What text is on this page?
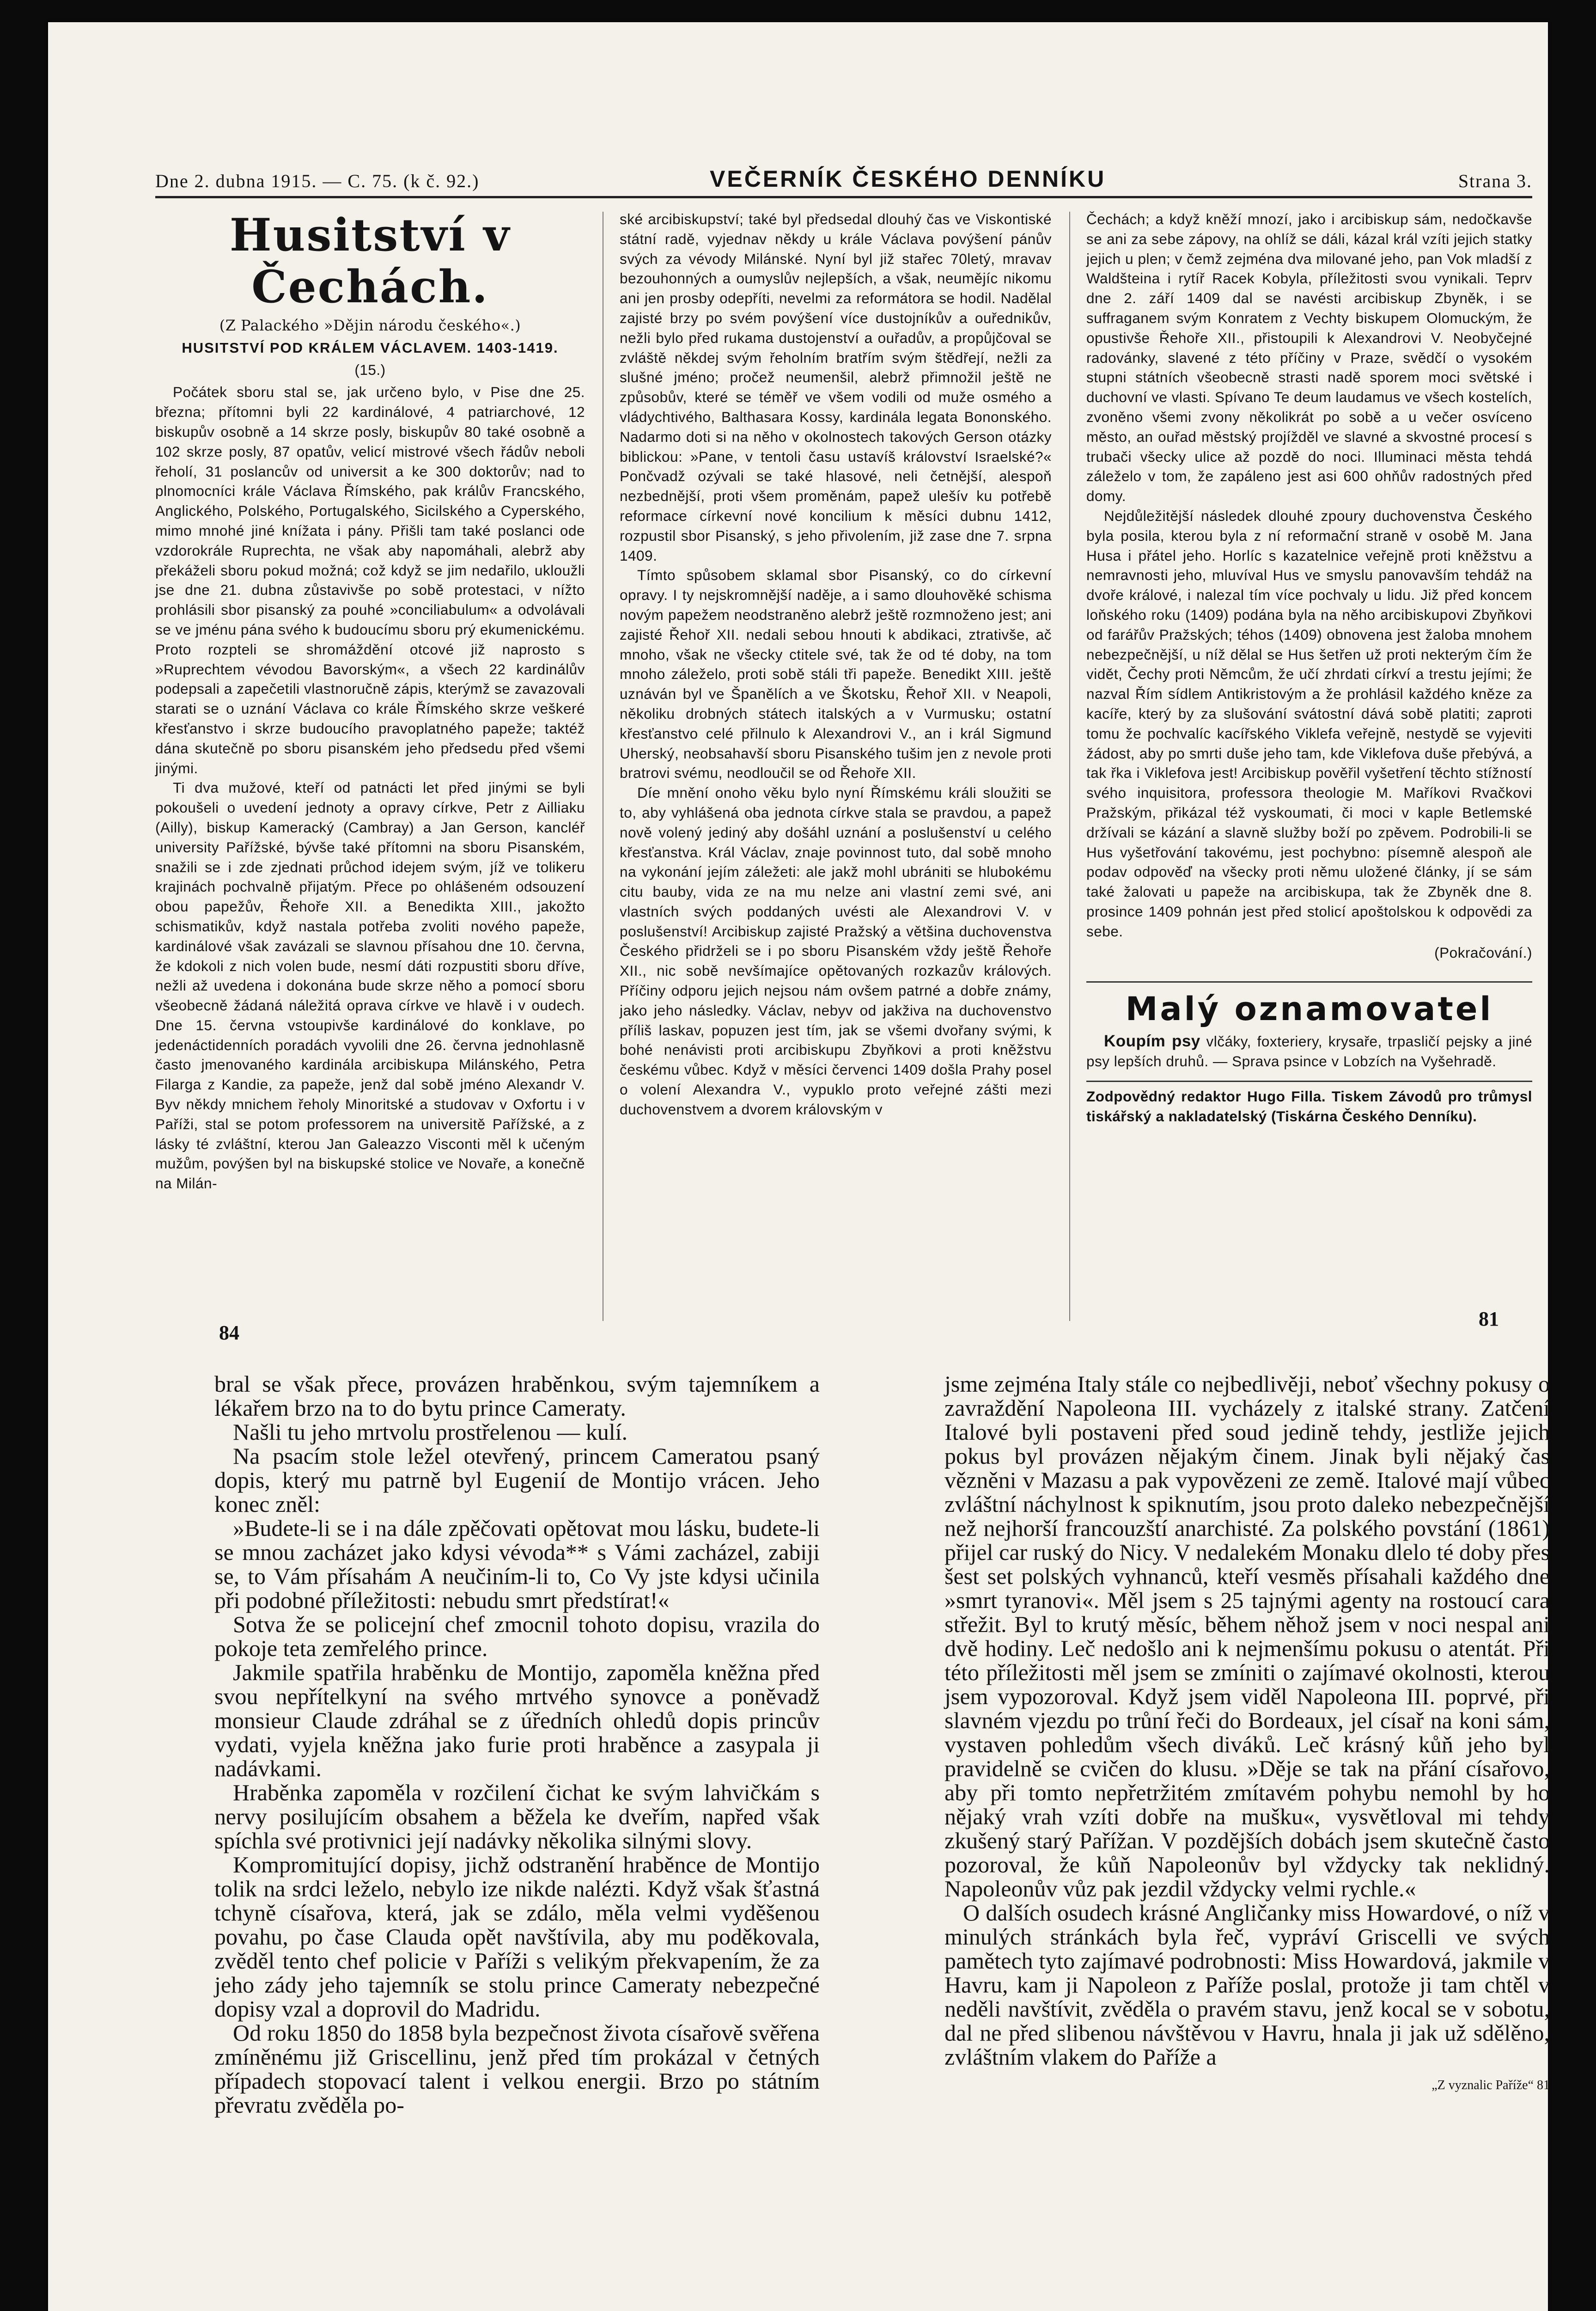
Dne 2. dubna 1915. — C. 75. (k č. 92.)	VEČERNÍK ČESKÉHO DENNÍKU	Strana 3.
Husitství v Čechách.
(Z Palackého »Dějin národu českého«.)
HUSITSTVÍ POD KRÁLEM VÁCLAVEM. 1403-1419.
(15.)

Počátek sboru stal se, jak určeno bylo, v Pise dne 25. března; přítomni byli 22 kardinálové, 4 patriarchové, 12 biskupův osobně a 14 skrze posly, biskupův 80 také osobně a 102 skrze posly, 87 opatův, velicí mistrové všech řádův neboli řeholí, 31 poslancův od universit a ke 300 doktorův; nad to plnomocníci krále Václava Římského, pak králův Francského, Anglického, Polského, Portugalského, Sicilského a Cyperského, mimo mnohé jiné knížata i pány. Přišli tam také poslanci ode vzdorokrále Ruprechta, ne však aby napomáhali, alebrž aby překáželi sboru pokud možná; což když se jim nedařilo, ukloužli jse dne 21. dubna zůstavivše po sobě protestaci, v nížto prohlásili sbor pisanský za pouhé »conciliabulum« a odvolávali se ve jménu pána svého k budoucímu sboru prý ekumenickému. Proto rozpteli se shromáždění otcové již naprosto s »Ruprechtem vévodou Bavorským«, a všech 22 kardinálův podepsali a zapečetili vlastnoručně zápis, kterýmž se zavazovali starati se o uznání Václava co krále Římského skrze veškeré křesťanstvo i skrze budoucího pravoplatného papeže; taktéž dána skutečně po sboru pisanském jeho předsedu před všemi jinými.

Ti dva mužové, kteří od patnácti let před jinými se byli pokoušeli o uvedení jednoty a opravy církve, Petr z Ailliaku (Ailly), biskup Kameracký (Cambray) a Jan Gerson, kancléř university Pařížské, bývše také přítomni na sboru Pisanském, snažili se i zde zjednati průchod idejem svým, jíž ve tolikeru krajinách pochvalně přijatým. Přece po ohlášeném odsouzení obou papežův, Řehoře XII. a Benedikta XIII., jakožto schismatikův, když nastala potřeba zvoliti nového papeže, kardinálové však zavázali se slavnou přísahou dne 10. června, že kdokoli z nich volen bude, nesmí dáti rozpustiti sboru dříve, nežli až uvedena i dokonána bude skrze něho a pomocí sboru všeobecně žádaná náležitá oprava církve ve hlavě i v oudech. Dne 15. června vstoupivše kardinálové do konklave, po jedenáctidenních poradách vyvolili dne 26. června jednohlasně často jmenovaného kardinála arcibiskupa Milánského, Petra Filarga z Kandie, za papeže, jenž dal sobě jméno Alexandr V. Byv někdy mnichem řeholy Minoritské a studovav v Oxfortu i v Paříži, stal se potom professorem na universitě Pařížské, a z lásky té zvláštní, kterou Jan Galeazzo Visconti měl k učeným mužům, povýšen byl na biskupské stolice ve Novaře, a konečně na Milán-

ské arcibiskupství; také byl předsedal dlouhý čas ve Viskontiské státní radě, vyjednav někdy u krále Václava povýšení pánův svých za vévody Milánské. Nyní byl již stařec 70letý, mravav bezouhonných a oumyslův nejlepších, a však, neumějíc nikomu ani jen prosby odepříti, nevelmi za reformátora se hodil. Nadělal zajisté brzy po svém povýšení více dustojníkův a ouřednikův, nežli bylo před rukama dustojenství a ouřadův, a propůjčoval se zvláště někdej svým řeholním bratřím svým štědřejí, nežli za slušné jméno; pročež neumenšil, alebrž přimnožil ještě ne způsobův, které se téměř ve všem vodili od muže osmého a vládychtivého, Balthasara Kossy, kardinála legata Bononského. Nadarmo doti si na něho v okolnostech takových Gerson otázky biblickou: »Pane, v tentoli času ustavíš království Israelské?« Pončvadž ozývali se také hlasové, neli četnější, alespoň nezbednější, proti všem proměnám, papež ulešív ku potřebě reformace církevní nové koncilium k měsíci dubnu 1412, rozpustil sbor Pisanský, s jeho přivolením, již zase dne 7. srpna 1409.

Tímto spůsobem sklamal sbor Pisanský, co do církevní opravy. I ty nejskromnější naděje, a i samo dlouhověké schisma novým papežem neodstraněno alebrž ještě rozmnoženo jest; ani zajisté Řehoř XII. nedali sebou hnouti k abdikaci, ztrativše, ač mnoho, však ne všecky ctitele své, tak že od té doby, na tom mnoho záleželo, proti sobě stáli tři papeže. Benedikt XIII. ještě uznáván byl ve Španělích a ve Škotsku, Řehoř XII. v Neapoli, několiku drobných státech italských a v Vurmusku; ostatní křesťanstvo celé přilnulo k Alexandrovi V., an i král Sigmund Uherský, neobsahavší sboru Pisanského tušim jen z nevole proti bratrovi svému, neodloučil se od Řehoře XII.

Díe mnění onoho věku bylo nyní Římskému králi sloužiti se to, aby vyhlášená oba jednota církve stala se pravdou, a papež nově volený jediný aby došáhl uznání a poslušenství u celého křesťanstva. Král Václav, znaje povinnost tuto, dal sobě mnoho na vykonání jejím záležeti: ale jakž mohl ubrániti se hlubokému citu bauby, vida ze na mu nelze ani vlastní zemi své, ani vlastních svých poddaných uvésti ale Alexandrovi V. v poslušenství! Arcibiskup zajisté Pražský a většina duchovenstva Českého přidrželi se i po sboru Pisanském vždy ještě Řehoře XII., nic sobě nevšímajíce opětovaných rozkazův králových. Příčiny odporu jejich nejsou nám ovšem patrné a dobře známy, jako jeho následky. Václav, nebyv od jakživa na duchovenstvo příliš laskav, popuzen jest tím, jak se všemi dvořany svými, k bohé nenávisti proti arcibiskupu Zbyňkovi a proti kněžstvu českému vůbec. Když v měsíci červenci 1409 došla Prahy posel o volení Alexandra V., vypuklo proto veřejné zášti mezi duchovenstvem a dvorem královským v

Čechách; a když kněží mnozí, jako i arcibiskup sám, nedočkavše se ani za sebe zápovy, na ohlíž se dáli, kázal král vzíti jejich statky jejich u plen; v čemž zejména dva milované jeho, pan Vok mladší z Waldšteina i rytíř Racek Kobyla, příležitosti svou vynikali. Teprv dne 2. září 1409 dal se navésti arcibiskup Zbyněk, i se suffraganem svým Konratem z Vechty biskupem Olomuckým, že opustivše Řehoře XII., přistoupili k Alexandrovi V. Neobyčejné radovánky, slavené z této příčiny v Praze, svědčí o vysokém stupni státních všeobecně strasti nadě sporem moci světské i duchovní ve vlasti. Spívano Te deum laudamus ve všech kostelích, zvoněno všemi zvony několikrát po sobě a u večer osvíceno město, an ouřad městský projížděl ve slavné a skvostné procesí s trubači všecky ulice až pozdě do noci. Illuminaci města tehdá záleželo v tom, že zapáleno jest asi 600 ohňův radostných před domy.

Nejdůležitější následek dlouhé zpoury duchovenstva Českého byla posila, kterou byla z ní reformační straně v osobě M. Jana Husa i přátel jeho. Horlíc s kazatelnice veřejně proti kněžstvu a nemravnosti jeho, mluvíval Hus ve smyslu panovavším tehdáž na dvoře králové, i nalezal tím více pochvaly u lidu. Již před koncem loňského roku (1409) podána byla na něho arcibiskupovi Zbyňkovi od farářův Pražských; téhos (1409) obnovena jest žaloba mnohem nebezpečnější, u níž dělal se Hus šetřen už proti nekterým čím že vidět, Čechy proti Němcům, že učí zhrdati církví a trestu jejími; že nazval Řím sídlem Antikristovým a že prohlásil každého kněze za kacíře, který by za slušování svátostní dává sobě platiti; zaproti tomu že pochvalíc kacířského Viklefa veřejně, nestydě se vyjeviti žádost, aby po smrti duše jeho tam, kde Viklefova duše přebývá, a tak řka i Viklefova jest! Arcibiskup pověřil vyšetření těchto stížností svého inquisitora, professora theologie M. Maříkovi Rvačkovi Pražským, přikázal též vyskoumati, či moci v kaple Betlemské držívali se kázání a slavně služby boží po zpěvem. Podrobili-li se Hus vyšetřování takovému, jest pochybno: písemně alespoň ale podav odpověď na všecky proti němu uložené články, jí se sám také žalovati u papeže na arcibiskupa, tak že Zbyněk dne 8. prosince 1409 pohnán jest před stolicí apoštolskou k odpovědi za sebe.

(Pokračování.)
Malý oznamovatel

Koupím psy vlčáky, foxteriery, krysaře, trpasličí pejsky a jiné psy lepších druhů. — Sprava psince v Lobzích na Vyšehradě.

Zodpovědný redaktor Hugo Filla. Tiskem Závodů pro trůmysl tiskářský a nakladatelský (Tiskárna Českého Denníku).
84
81

bral se však přece, provázen hraběnkou, svým tajemníkem a lékařem brzo na to do bytu prince Cameraty.

Našli tu jeho mrtvolu prostřelenou — kulí.

Na psacím stole ležel otevřený, princem Cameratou psaný dopis, který mu patrně byl Eugenií de Montijo vrácen. Jeho konec zněl:

»Budete-li se i na dále zpěčovati opětovat mou lásku, budete-li se mnou zacházet jako kdysi vévoda** s Vámi zacházel, zabiji se, to Vám přísahám A neučiním-li to, Co Vy jste kdysi učinila při podobné příležitosti: nebudu smrt předstírat!«

Sotva že se policejní chef zmocnil tohoto dopisu, vrazila do pokoje teta zemřelého prince.

Jakmile spatřila hraběnku de Montijo, zapoměla kněžna před svou nepřítelkyní na svého mrtvého synovce a poněvadž monsieur Claude zdráhal se z úředních ohledů dopis princův vydati, vyjela kněžna jako furie proti hraběnce a zasypala ji nadávkami.

Hraběnka zapoměla v rozčilení čichat ke svým lahvičkám s nervy posilujícím obsahem a běžela ke dveřím, napřed však spíchla své protivnici její nadávky několika silnými slovy.

Kompromitující dopisy, jichž odstranění hraběnce de Montijo tolik na srdci leželo, nebylo ize nikde nalézti. Když však šťastná tchyně císařova, která, jak se zdálo, měla velmi vyděšenou povahu, po čase Clauda opět navštívila, aby mu poděkovala, zvěděl tento chef policie v Paříži s velikým překvapením, že za jeho zády jeho tajemník se stolu prince Cameraty nebezpečné dopisy vzal a doprovil do Madridu.

Od roku 1850 do 1858 byla bezpečnost života císařově svěřena zmíněnému již Griscellinu, jenž před tím prokázal v četných případech stopovací talent i velkou energii. Brzo po státním převratu zvěděla po-

jsme zejména Italy stále co nejbedlivěji, neboť všechny pokusy o zavraždění Napoleona III. vycházely z italské strany. Zatčení Italové byli postaveni před soud jedině tehdy, jestliže jejich pokus byl provázen nějakým činem. Jinak byli nějaký čas vězněni v Mazasu a pak vypovězeni ze země. Italové mají vůbec zvláštní náchylnost k spiknutím, jsou proto daleko nebezpečnější než nejhorší francouzští anarchisté. Za polského povstání (1861) přijel car ruský do Nicy. V nedalekém Monaku dlelo té doby přes šest set polských vyhnanců, kteří vesměs přísahali každého dne »smrt tyranovi«. Měl jsem s 25 tajnými agenty na rostoucí cara střežit. Byl to krutý měsíc, během něhož jsem v noci nespal ani dvě hodiny. Leč nedošlo ani k nejmenšímu pokusu o atentát. Při této příležitosti měl jsem se zmíniti o zajímavé okolnosti, kterou jsem vypozoroval. Když jsem viděl Napoleona III. poprvé, při slavném vjezdu po trůní řeči do Bordeaux, jel císař na koni sám, vystaven pohledům všech diváků. Leč krásný kůň jeho byl pravidelně se cvičen do klusu. »Děje se tak na přání císařovo, aby při tomto nepřetržitém zmítavém pohybu nemohl by ho nějaký vrah vzíti dobře na mušku«, vysvětloval mi tehdy zkušený starý Pařížan. V pozdějších dobách jsem skutečně často pozoroval, že kůň Napoleonův byl vždycky tak neklidný. Napoleonův vůz pak jezdil vždycky velmi rychle.«

O dalších osudech krásné Angličanky miss Howardové, o níž v minulých stránkách byla řeč, vypráví Griscelli ve svých pamětech tyto zajímavé podrobnosti: Miss Howardová, jakmile v Havru, kam ji Napoleon z Paříže poslal, protože ji tam chtěl v neděli navštívit, zvěděla o pravém stavu, jenž kocal se v sobotu, dal ne před slibenou návštěvou v Havru, hnala ji jak už sdělěno, zvláštním vlakem do Paříže a

„Z vyznalic Paříže“ 81
